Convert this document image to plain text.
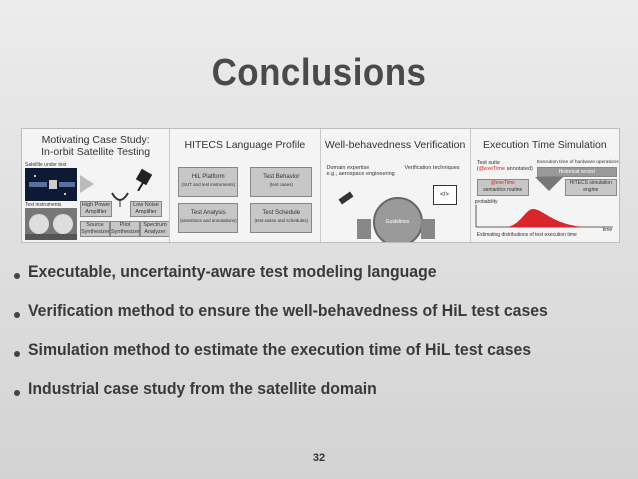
Conclusions
Motivating Case Study:
In-orbit Satellite Testing
Satellite under test
Test instruments	High Power
Amplifier
Low Noise
Amplifier
Source
Synthesizer
Pilot
Synthesizer
Spectrum
Analyzer
HITECS Language Profile
HiL Platform
(SUT and test instruments)
Test Behavior
(test cases)
Test Analysis
(assertions and annotations)
Test Schedule
(test suites and schedules)
Well-behavedness Verification
Domain expertise
e.g., aerospace engineering
Verification techniques
</>
Guidelines
Execution Time Simulation
Test suite
(@exeTime annotated)
Execution time of hardware operations
Historical record
@exeTime
semantics routine
HITECS simulation
engine
probability
time
Estimating distributions of test execution time
Executable, uncertainty-aware test modeling language
Verification method to ensure the well-behavedness of HiL test cases
Simulation method to estimate the execution time of HiL test cases
Industrial case study from the satellite domain
32
